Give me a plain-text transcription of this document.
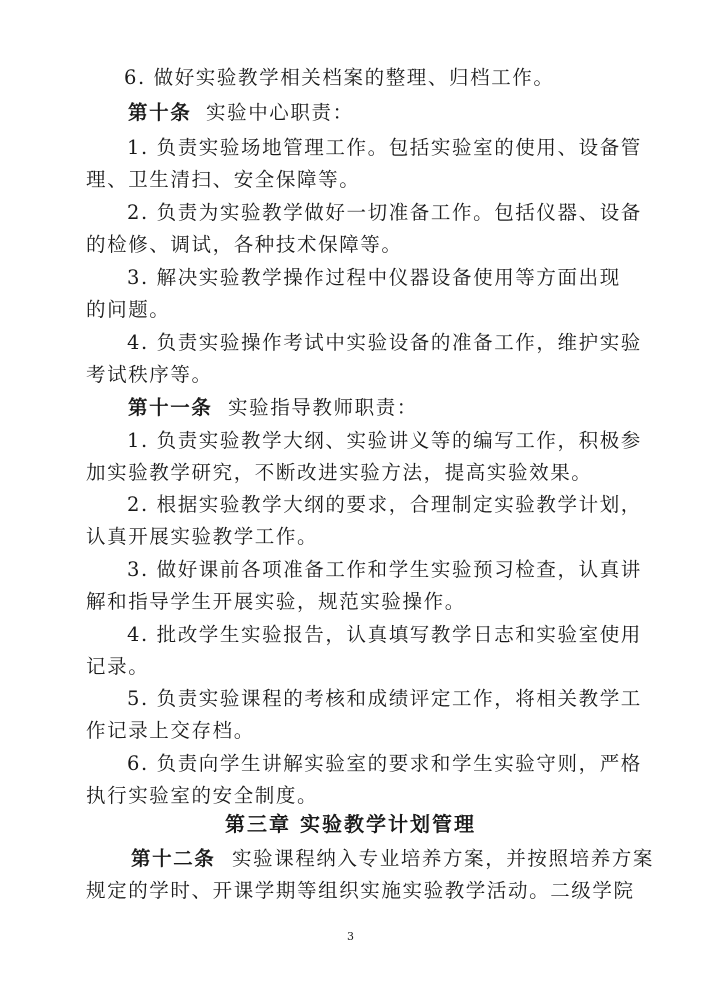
6. 做好实验教学相关档案的整理、归档工作。
第十条 实验中心职责：
1. 负责实验场地管理工作。包括实验室的使用、设备管
理、卫生清扫、安全保障等。
2. 负责为实验教学做好一切准备工作。包括仪器、设备
的检修、调试，各种技术保障等。
3. 解决实验教学操作过程中仪器设备使用等方面出现
的问题。
4. 负责实验操作考试中实验设备的准备工作，维护实验
考试秩序等。
第十一条 实验指导教师职责：
1. 负责实验教学大纲、实验讲义等的编写工作，积极参
加实验教学研究，不断改进实验方法，提高实验效果。
2. 根据实验教学大纲的要求，合理制定实验教学计划，
认真开展实验教学工作。
3. 做好课前各项准备工作和学生实验预习检查，认真讲
解和指导学生开展实验，规范实验操作。
4. 批改学生实验报告，认真填写教学日志和实验室使用
记录。
5. 负责实验课程的考核和成绩评定工作，将相关教学工
作记录上交存档。
6. 负责向学生讲解实验室的要求和学生实验守则，严格
执行实验室的安全制度。
第三章 实验教学计划管理
第十二条 实验课程纳入专业培养方案，并按照培养方案
规定的学时、开课学期等组织实施实验教学活动。二级学院
3
